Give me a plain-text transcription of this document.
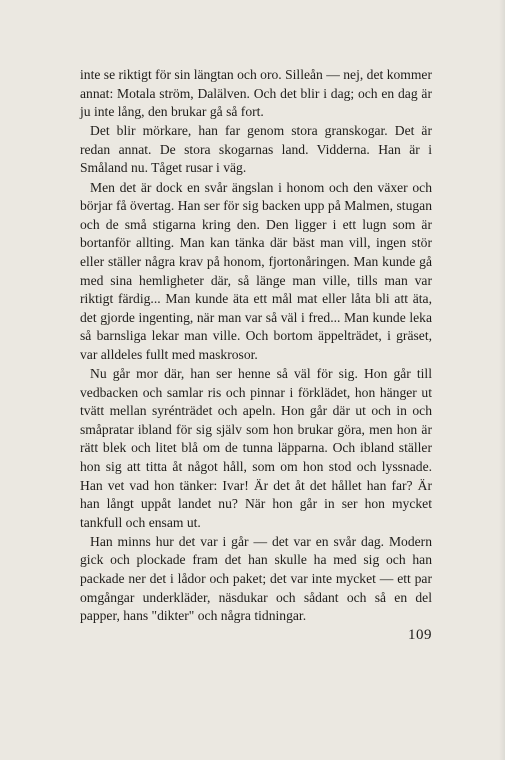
inte se riktigt för sin längtan och oro. Silleån — nej, det kommer annat: Motala ström, Dalälven. Och det blir i dag; och en dag är ju inte lång, den brukar gå så fort.

Det blir mörkare, han far genom stora granskogar. Det är redan annat. De stora skogarnas land. Vidderna. Han är i Småland nu. Tåget rusar i väg.

Men det är dock en svår ängslan i honom och den växer och börjar få övertag. Han ser för sig backen upp på Malmen, stugan och de små stigarna kring den. Den ligger i ett lugn som är bortanför allting. Man kan tänka där bäst man vill, ingen stör eller ställer några krav på honom, fjortonåringen. Man kunde gå med sina hemligheter där, så länge man ville, tills man var riktigt färdig... Man kunde äta ett mål mat eller låta bli att äta, det gjorde ingenting, när man var så väl i fred... Man kunde leka så barnsliga lekar man ville. Och bortom äppelträdet, i gräset, var alldeles fullt med maskrosor.

Nu går mor där, han ser henne så väl för sig. Hon går till vedbacken och samlar ris och pinnar i förklädet, hon hänger ut tvätt mellan syrénträdet och apeln. Hon går där ut och in och småpratar ibland för sig själv som hon brukar göra, men hon är rätt blek och litet blå om de tunna läpparna. Och ibland ställer hon sig att titta åt något håll, som om hon stod och lyssnade. Han vet vad hon tänker: Ivar! Är det åt det hållet han far? Är han långt uppåt landet nu? När hon går in ser hon mycket tankfull och ensam ut.

Han minns hur det var i går — det var en svår dag. Modern gick och plockade fram det han skulle ha med sig och han packade ner det i lådor och paket; det var inte mycket — ett par omgångar underkläder, näsdukar och sådant och så en del papper, hans "dikter" och några tidningar.

109
